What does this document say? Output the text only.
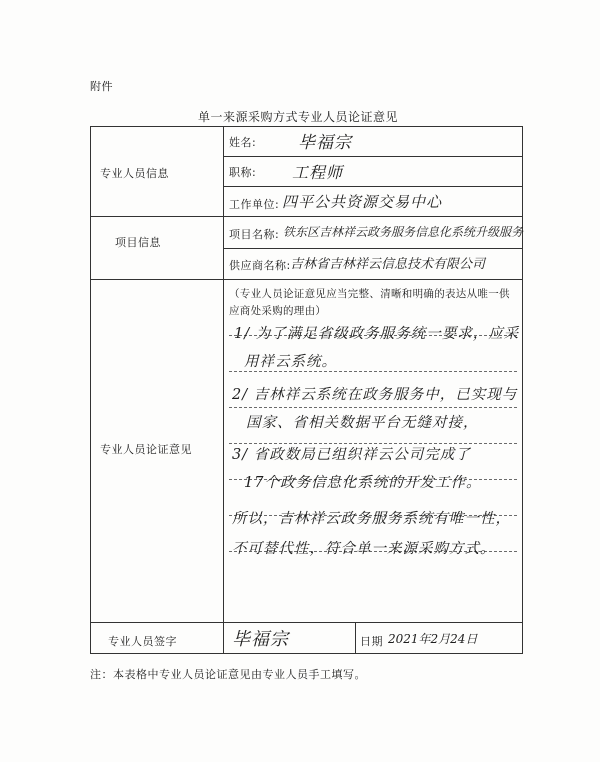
附件
单一来源采购方式专业人员论证意见
专业人员信息
项目信息
专业人员论证意见
专业人员签字
姓名:
职称:
工作单位:
项目名称:
供应商名称:
日期
毕福宗
工程师
四平公共资源交易中心
铁东区吉林祥云政务服务信息化系统升级服务
吉林省吉林祥云信息技术有限公司
（专业人员论证意见应当完整、清晰和明确的表达从唯一供应商处采购的理由）
1/ 为了满足省级政务服务统一要求，应采
用祥云系统。
2/ 吉林祥云系统在政务服务中，已实现与
国家、省相关数据平台无缝对接，
3/ 省政数局已组织祥云公司完成了
17个政务信息化系统的开发工作。
所以，吉林祥云政务服务系统有唯一性，
不可替代性，符合单一来源采购方式。
毕福宗	2021年2月24日
注：本表格中专业人员论证意见由专业人员手工填写。
